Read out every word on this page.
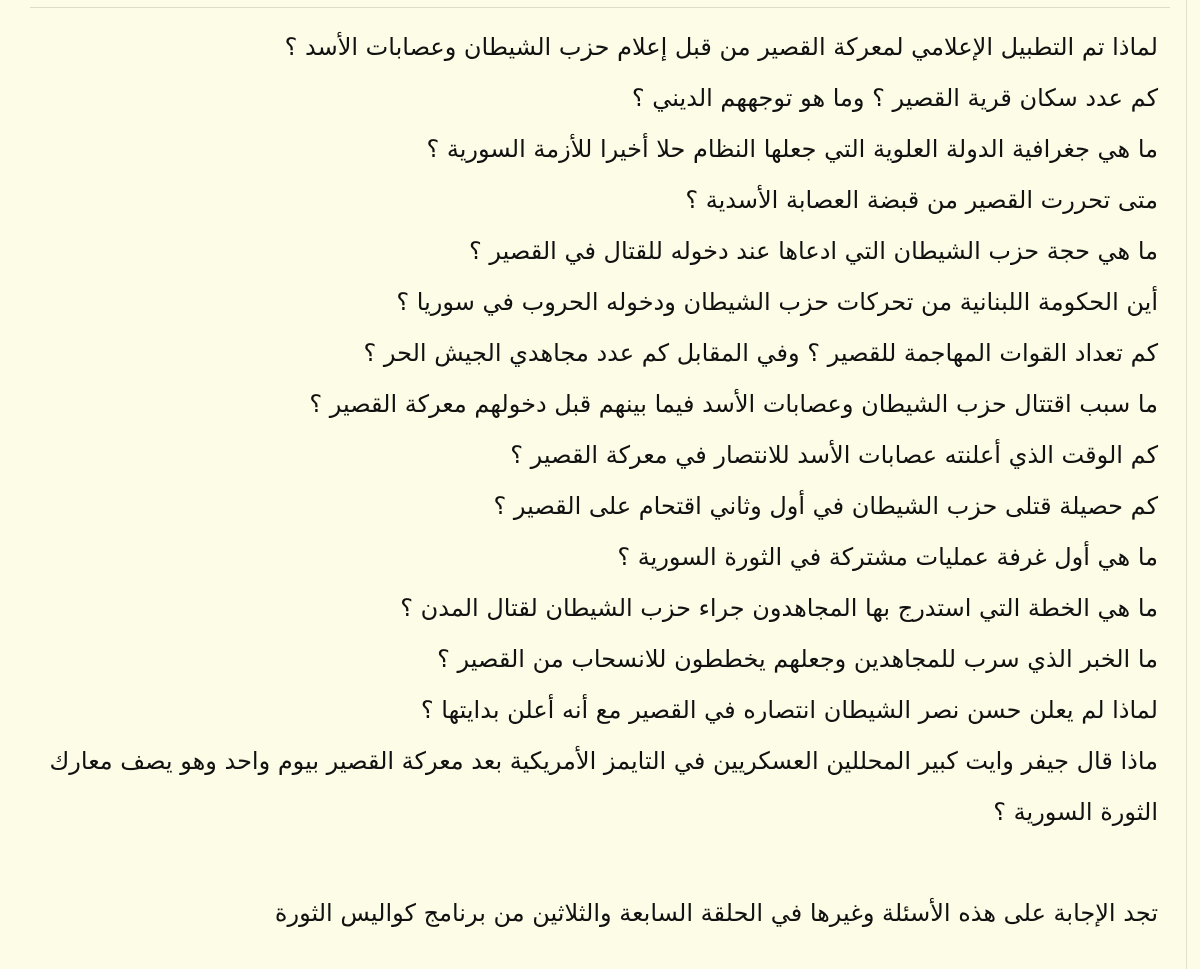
لماذا تم التطبيل الإعلامي لمعركة القصير من قبل إعلام حزب الشيطان وعصابات الأسد ؟

كم عدد سكان قرية القصير ؟ وما هو توجههم الديني ؟

ما هي جغرافية الدولة العلوية التي جعلها النظام حلا أخيرا للأزمة السورية ؟

متى تحررت القصير من قبضة العصابة الأسدية ؟

ما هي حجة حزب الشيطان التي ادعاها عند دخوله للقتال في القصير ؟

أين الحكومة اللبنانية من تحركات حزب الشيطان ودخوله الحروب في سوريا ؟

كم تعداد القوات المهاجمة للقصير ؟ وفي المقابل كم عدد مجاهدي الجيش الحر ؟

ما سبب اقتتال حزب الشيطان وعصابات الأسد فيما بينهم قبل دخولهم معركة القصير ؟

كم الوقت الذي أعلنته عصابات الأسد للانتصار في معركة القصير ؟

كم حصيلة قتلى حزب الشيطان في أول وثاني اقتحام على القصير ؟

ما هي أول غرفة عمليات مشتركة في الثورة السورية ؟

ما هي الخطة التي استدرج بها المجاهدون جراء حزب الشيطان لقتال المدن ؟

ما الخبر الذي سرب للمجاهدين وجعلهم يخططون للانسحاب من القصير ؟

لماذا لم يعلن حسن نصر الشيطان انتصاره في القصير مع أنه أعلن بدايتها ؟

ماذا قال جيفر وايت كبير المحللين العسكريين في التايمز الأمريكية بعد معركة القصير بيوم واحد وهو يصف معارك الثورة السورية ؟

تجد الإجابة على هذه الأسئلة وغيرها في الحلقة السابعة والثلاثين من برنامج كواليس الثورة
